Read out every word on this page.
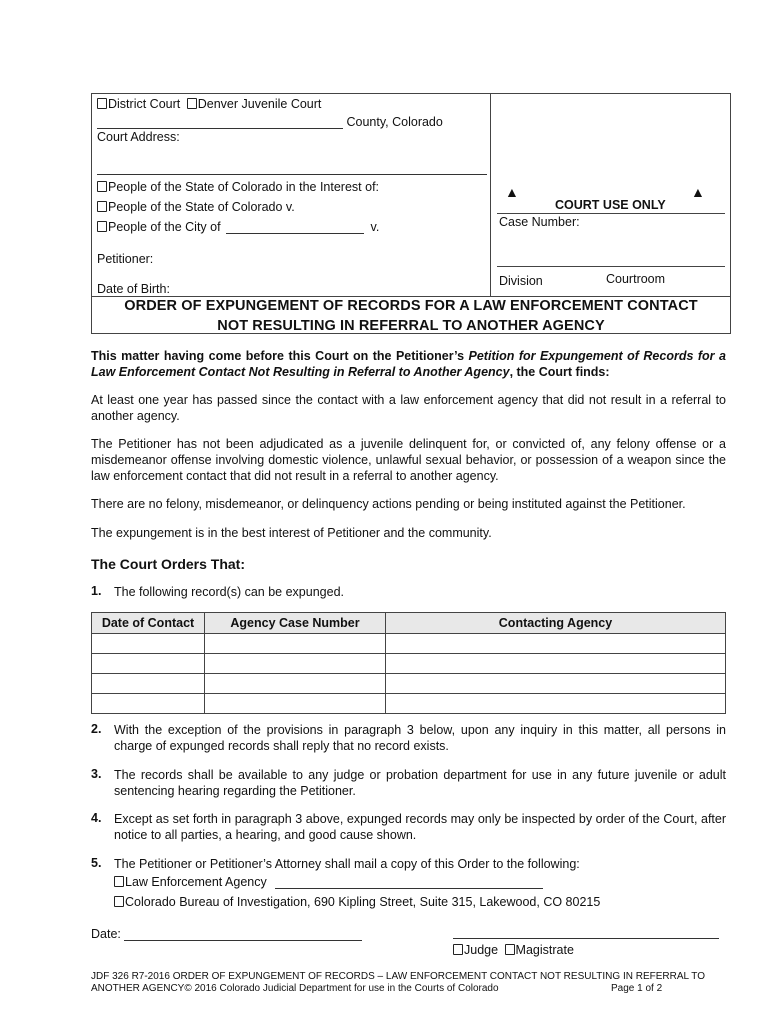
District Court Denver Juvenile Court
County, Colorado
Court Address:
People of the State of Colorado in the Interest of:
People of the State of Colorado v.
People of the City of	v.
Petitioner:
Date of Birth:
▲
COURT USE ONLY
▲
Case Number:
Division	Courtroom
ORDER OF EXPUNGEMENT OF RECORDS FOR A LAW ENFORCEMENT CONTACT
NOT RESULTING IN REFERRAL TO ANOTHER AGENCY

This matter having come before this Court on the Petitioner’s Petition for Expungement of Records for a Law Enforcement Contact Not Resulting in Referral to Another Agency, the Court finds:

At least one year has passed since the contact with a law enforcement agency that did not result in a referral to another agency.

The Petitioner has not been adjudicated as a juvenile delinquent for, or convicted of, any felony offense or a misdemeanor offense involving domestic violence, unlawful sexual behavior, or possession of a weapon since the law enforcement contact that did not result in a referral to another agency.

There are no felony, misdemeanor, or delinquency actions pending or being instituted against the Petitioner.

The expungement is in the best interest of Petitioner and the community.

The Court Orders That:
1. The following record(s) can be expunged.
Date of Contact	Agency Case Number	Contacting Agency

2. With the exception of the provisions in paragraph 3 below, upon any inquiry in this matter, all persons in charge of expunged records shall reply that no record exists.
3. The records shall be available to any judge or probation department for use in any future juvenile or adult sentencing hearing regarding the Petitioner.
4. Except as set forth in paragraph 3 above, expunged records may only be inspected by order of the Court, after notice to all parties, a hearing, and good cause shown.
5. The Petitioner or Petitioner’s Attorney shall mail a copy of this Order to the following:
Law Enforcement Agency
Colorado Bureau of Investigation, 690 Kipling Street, Suite 315, Lakewood, CO 80215
Date:
Judge Magistrate
JDF 326 R7-2016 ORDER OF EXPUNGEMENT OF RECORDS – LAW ENFORCEMENT CONTACT NOT RESULTING IN REFERRAL TO
ANOTHER AGENCY© 2016 Colorado Judicial Department for use in the Courts of Colorado	Page 1 of 2
